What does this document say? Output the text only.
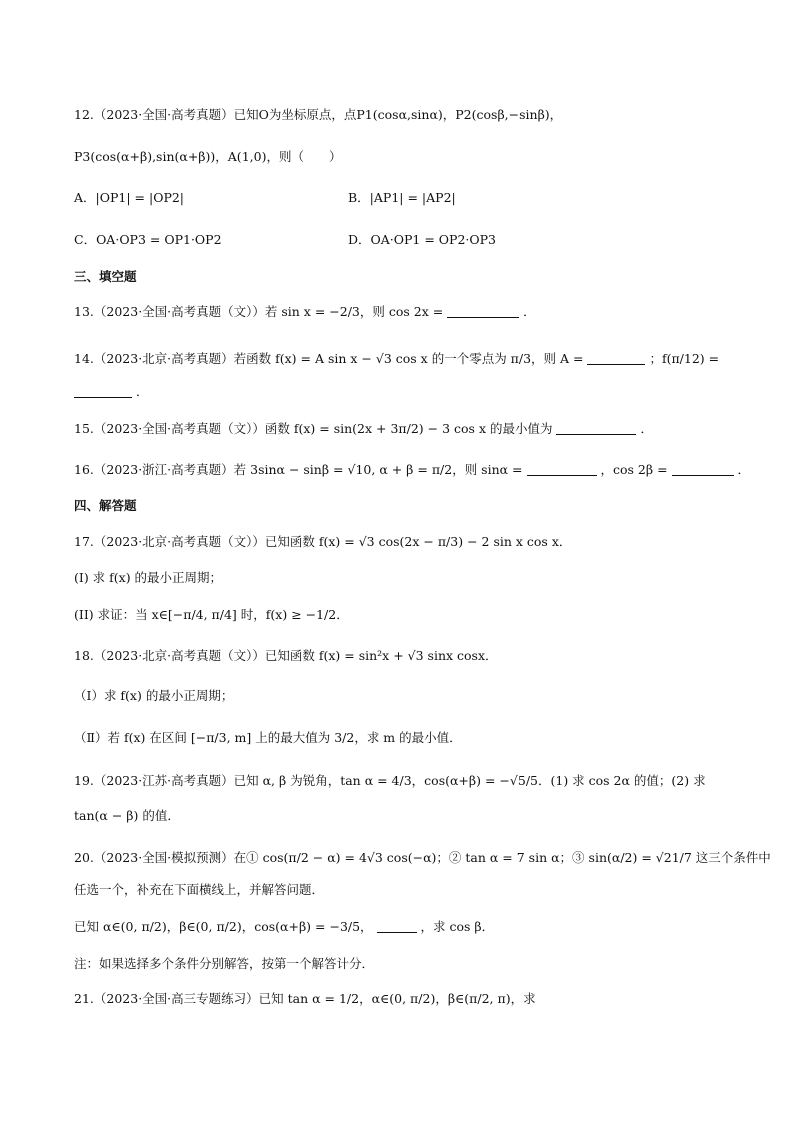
12.（2023·全国·高考真题）已知O为坐标原点，点P1(cosα,sinα)，P2(cosβ,−sinβ)，
P3(cos(α+β),sin(α+β))，A(1,0)，则（　　）
A．|OP1| = |OP2|	B．|AP1| = |AP2|
C．OA·OP3 = OP1·OP2	D．OA·OP1 = OP2·OP3
三、填空题
13.（2023·全国·高考真题（文））若 sin x = −2/3，则 cos 2x =	．
14.（2023·北京·高考真题）若函数 f(x) = A sin x − √3 cos x 的一个零点为 π/3，则 A =	；f(π/12) =
．
15.（2023·全国·高考真题（文））函数 f(x) = sin(2x + 3π/2) − 3 cos x 的最小值为	．
16.（2023·浙江·高考真题）若 3sinα − sinβ = √10, α + β = π/2，则 sinα =	，cos 2β =	．
四、解答题
17.（2023·北京·高考真题（文））已知函数 f(x) = √3 cos(2x − π/3) − 2 sin x cos x．
(I) 求 f(x) 的最小正周期；
(II) 求证：当 x∈[−π/4, π/4] 时，f(x) ≥ −1/2．
18.（2023·北京·高考真题（文））已知函数 f(x) = sin²x + √3 sinx cosx．
（Ⅰ）求 f(x) 的最小正周期；
（Ⅱ）若 f(x) 在区间 [−π/3, m] 上的最大值为 3/2，求 m 的最小值．
19.（2023·江苏·高考真题）已知 α, β 为锐角，tan α = 4/3，cos(α+β) = −√5/5．(1) 求 cos 2α 的值；(2) 求
tan(α − β) 的值．
20.（2023·全国·模拟预测）在① cos(π/2 − α) = 4√3 cos(−α)；② tan α = 7 sin α；③ sin(α/2) = √21/7 这三个条件中
任选一个，补充在下面横线上，并解答问题．
已知 α∈(0, π/2)，β∈(0, π/2)，cos(α+β) = −3/5，	，求 cos β．
注：如果选择多个条件分别解答，按第一个解答计分．
21.（2023·全国·高三专题练习）已知 tan α = 1/2，α∈(0, π/2)，β∈(π/2, π)，求
